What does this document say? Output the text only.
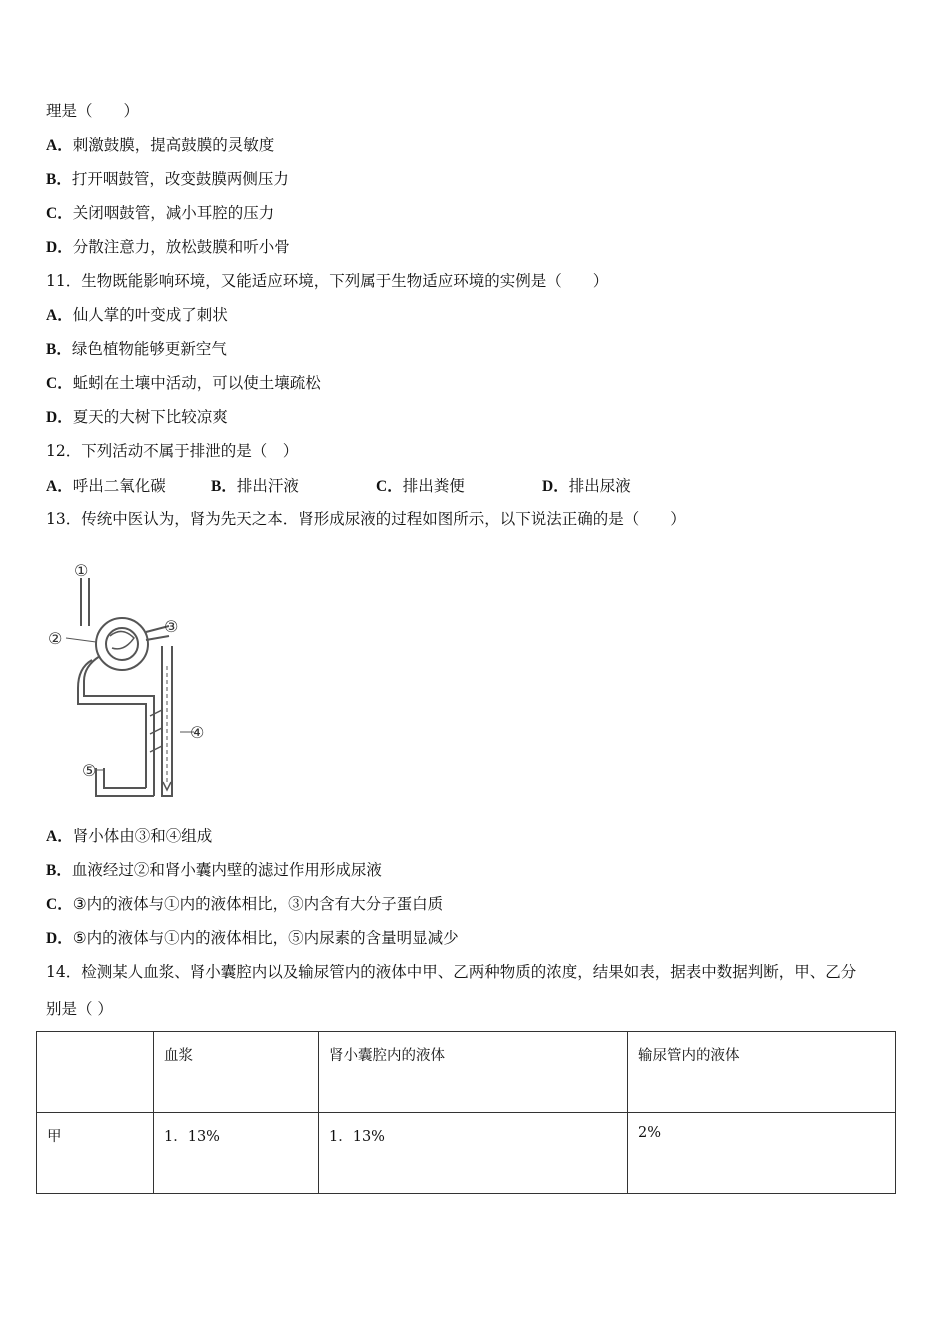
理是（　　）
A．刺激鼓膜，提高鼓膜的灵敏度
B．打开咽鼓管，改变鼓膜两侧压力
C．关闭咽鼓管，减小耳腔的压力
D．分散注意力，放松鼓膜和听小骨
11．生物既能影响环境，又能适应环境，下列属于生物适应环境的实例是（　　）
A．仙人掌的叶变成了刺状
B．绿色植物能够更新空气
C．蚯蚓在土壤中活动，可以使土壤疏松
D．夏天的大树下比较凉爽
12．下列活动不属于排泄的是（　）
A．呼出二氧化碳	B．排出汗液	C．排出粪便	D．排出尿液
13．传统中医认为，肾为先天之本．肾形成尿液的过程如图所示，以下说法正确的是（　　）
①
②
③
④
⑤
A．肾小体由③和④组成
B．血液经过②和肾小囊内壁的滤过作用形成尿液
C．③内的液体与①内的液体相比，③内含有大分子蛋白质
D．⑤内的液体与①内的液体相比，⑤内尿素的含量明显减少
14．检测某人血浆、肾小囊腔内以及输尿管内的液体中甲、乙两种物质的浓度，结果如表，据表中数据判断，甲、乙分
别是（ ）
	血浆	肾小囊腔内的液体	输尿管内的液体
甲	1．13%	1．13%	2%
